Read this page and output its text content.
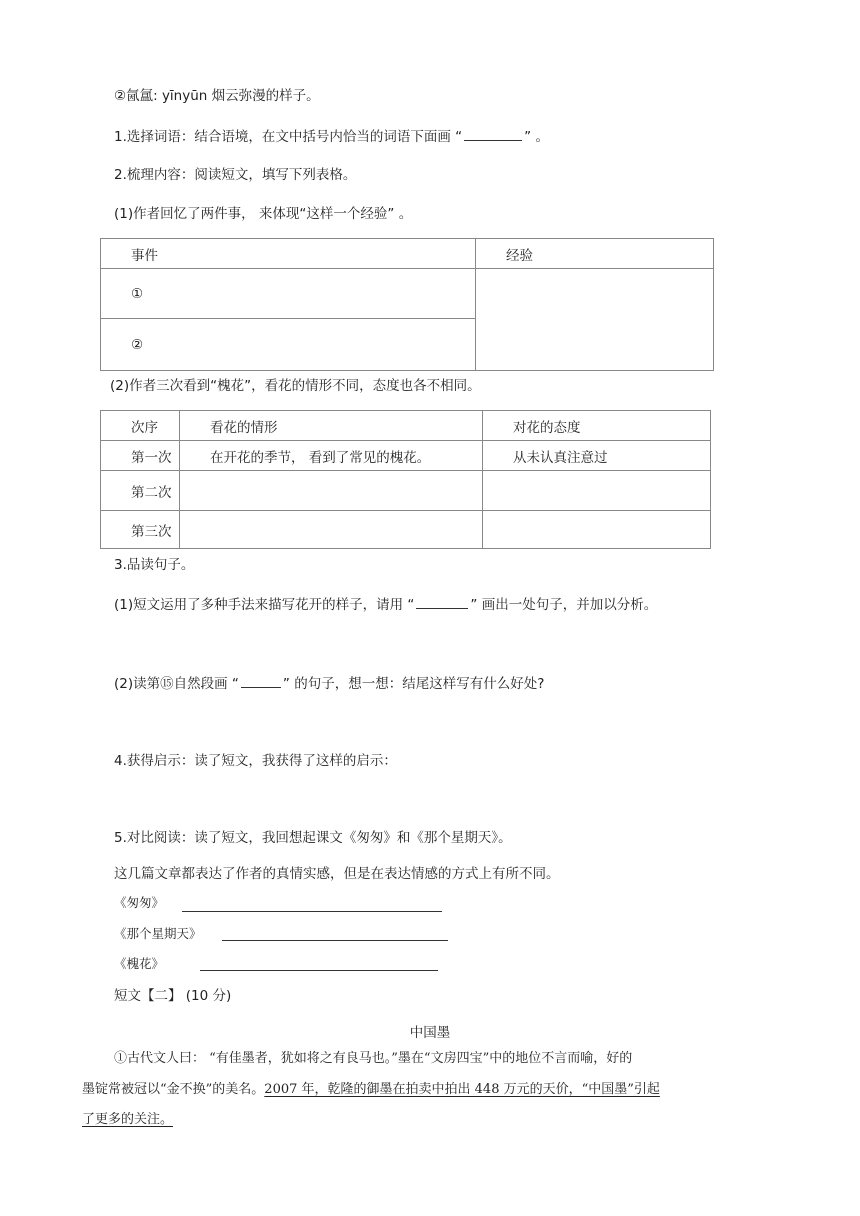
②氤氲: yīnyūn 烟云弥漫的样子。
1.选择词语：结合语境，在文中括号内恰当的词语下面画 “	” 。
2.梳理内容：阅读短文，填写下列表格。
(1)作者回忆了两件事， 来体现“这样一个经验” 。
事件	经验
①	
②	
(2)作者三次看到“槐花”，看花的情形不同，态度也各不相同。
次序	看花的情形	对花的态度
第一次	在开花的季节， 看到了常见的槐花。	从未认真注意过
第二次		
第三次		
3.品读句子。
(1)短文运用了多种手法来描写花开的样子，请用 “	” 画出一处句子，并加以分析。
(2)读第⑮自然段画 “	” 的句子，想一想：结尾这样写有什么好处?
4.获得启示：读了短文，我获得了这样的启示：
5.对比阅读：读了短文，我回想起课文《匆匆》和《那个星期天》。
这几篇文章都表达了作者的真情实感，但是在表达情感的方式上有所不同。
《匆匆》
《那个星期天》
《槐花》
短文【二】 (10 分)
中国墨
①古代文人曰： “有佳墨者，犹如将之有良马也。”墨在“文房四宝”中的地位不言而喻，好的
墨锭常被冠以“金不换”的美名。2007 年，乾隆的御墨在拍卖中拍出 448 万元的天价，“中国墨”引起
了更多的关注。
